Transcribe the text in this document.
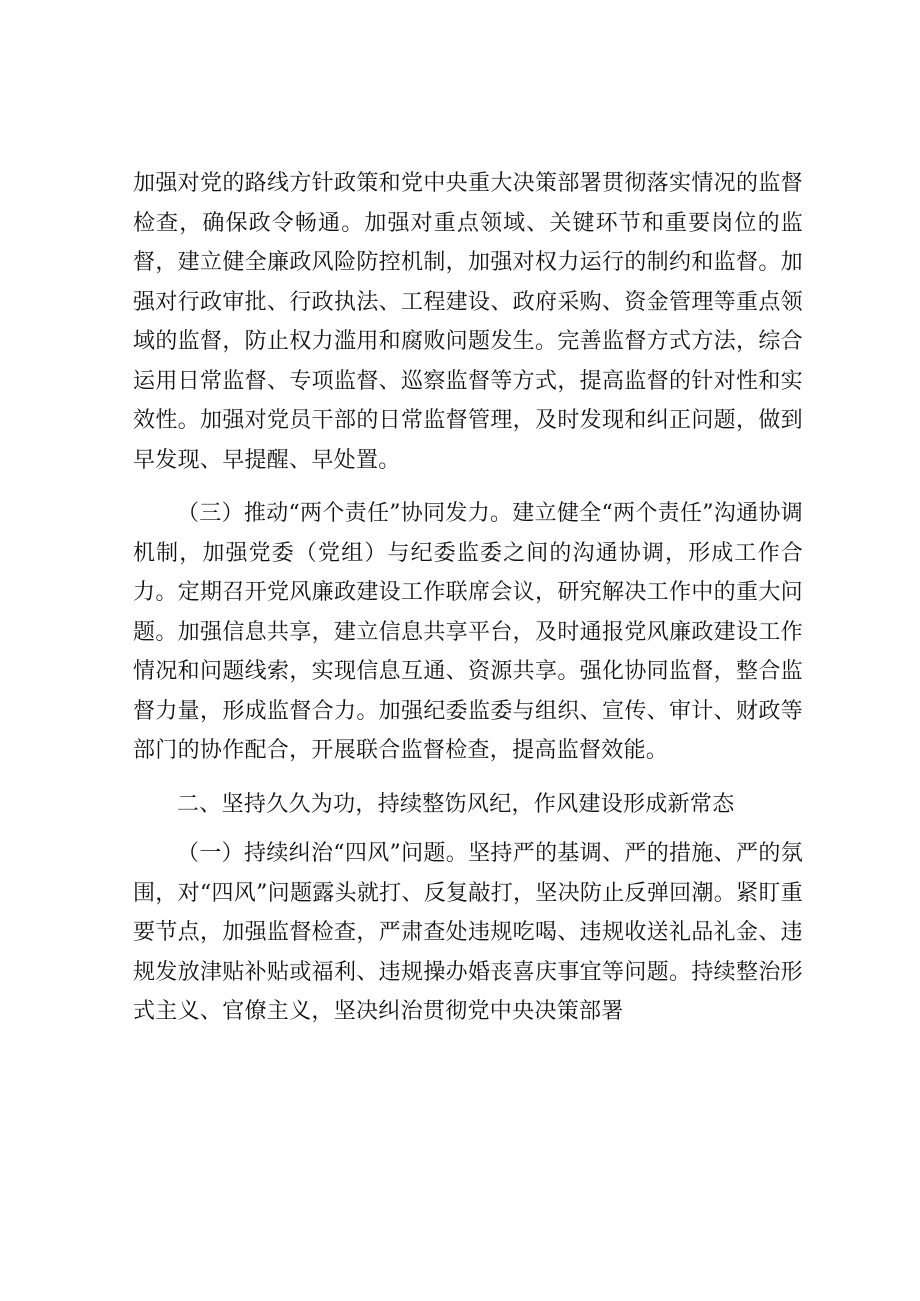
加强对党的路线方针政策和党中央重大决策部署贯彻落实情况的监督检查，确保政令畅通。加强对重点领域、关键环节和重要岗位的监督，建立健全廉政风险防控机制，加强对权力运行的制约和监督。加强对行政审批、行政执法、工程建设、政府采购、资金管理等重点领域的监督，防止权力滥用和腐败问题发生。完善监督方式方法，综合运用日常监督、专项监督、巡察监督等方式，提高监督的针对性和实效性。加强对党员干部的日常监督管理，及时发现和纠正问题，做到早发现、早提醒、早处置。

（三）推动“两个责任”协同发力。建立健全“两个责任”沟通协调机制，加强党委（党组）与纪委监委之间的沟通协调，形成工作合力。定期召开党风廉政建设工作联席会议，研究解决工作中的重大问题。加强信息共享，建立信息共享平台，及时通报党风廉政建设工作情况和问题线索，实现信息互通、资源共享。强化协同监督，整合监督力量，形成监督合力。加强纪委监委与组织、宣传、审计、财政等部门的协作配合，开展联合监督检查，提高监督效能。

二、坚持久久为功，持续整饬风纪，作风建设形成新常态

（一）持续纠治“四风”问题。坚持严的基调、严的措施、严的氛围，对“四风”问题露头就打、反复敲打，坚决防止反弹回潮。紧盯重要节点，加强监督检查，严肃查处违规吃喝、违规收送礼品礼金、违规发放津贴补贴或福利、违规操办婚丧喜庆事宜等问题。持续整治形式主义、官僚主义，坚决纠治贯彻党中央决策部署
